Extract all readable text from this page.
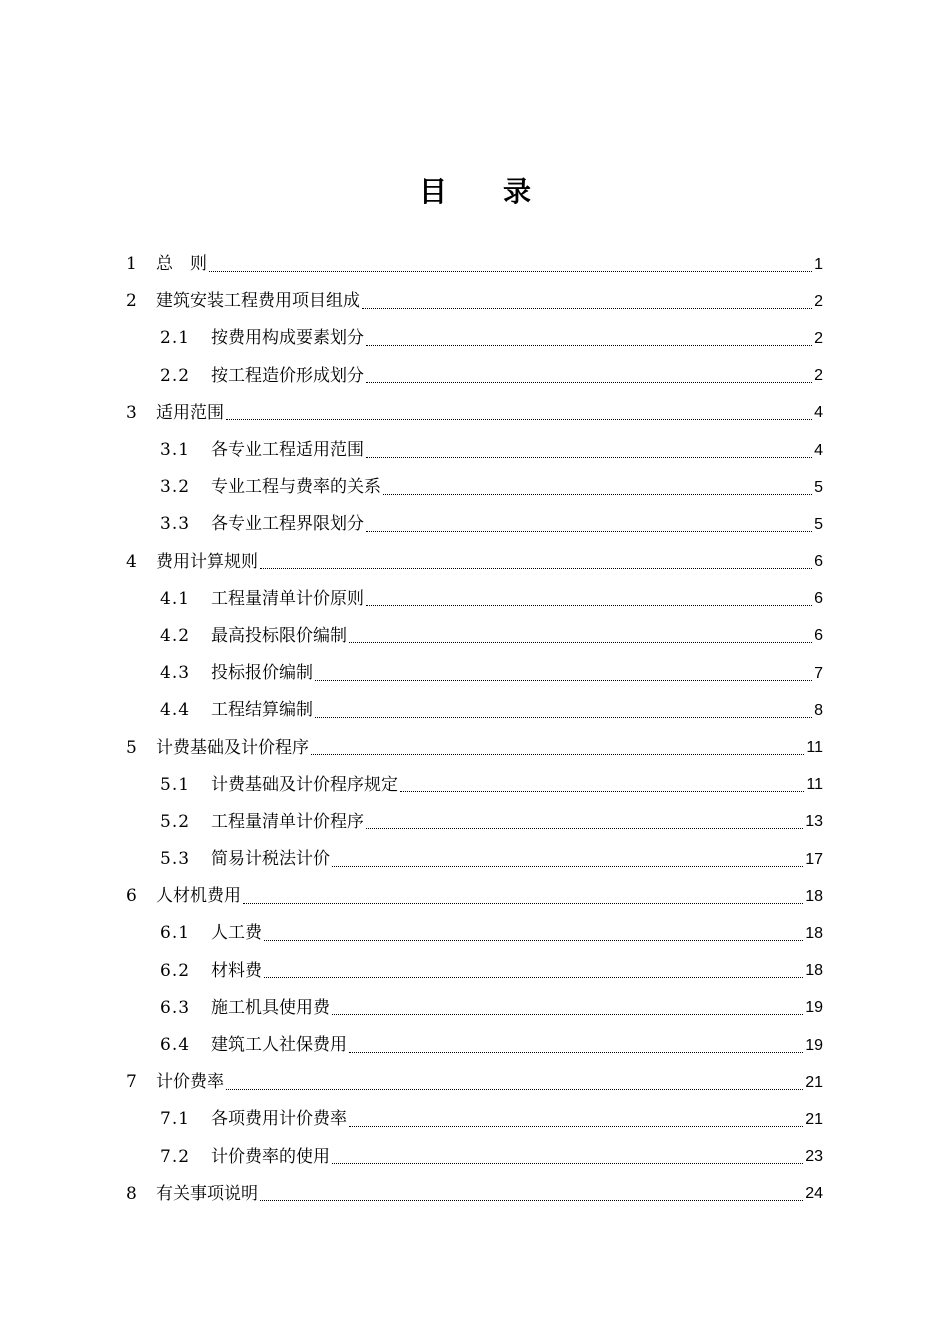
目 录
1	总　则	1
2	建筑安装工程费用项目组成	2
2.1	按费用构成要素划分	2
2.2	按工程造价形成划分	2
3	适用范围	4
3.1	各专业工程适用范围	4
3.2	专业工程与费率的关系	5
3.3	各专业工程界限划分	5
4	费用计算规则	6
4.1	工程量清单计价原则	6
4.2	最高投标限价编制	6
4.3	投标报价编制	7
4.4	工程结算编制	8
5	计费基础及计价程序	11
5.1	计费基础及计价程序规定	11
5.2	工程量清单计价程序	13
5.3	简易计税法计价	17
6	人材机费用	18
6.1	人工费	18
6.2	材料费	18
6.3	施工机具使用费	19
6.4	建筑工人社保费用	19
7	计价费率	21
7.1	各项费用计价费率	21
7.2	计价费率的使用	23
8	有关事项说明	24
